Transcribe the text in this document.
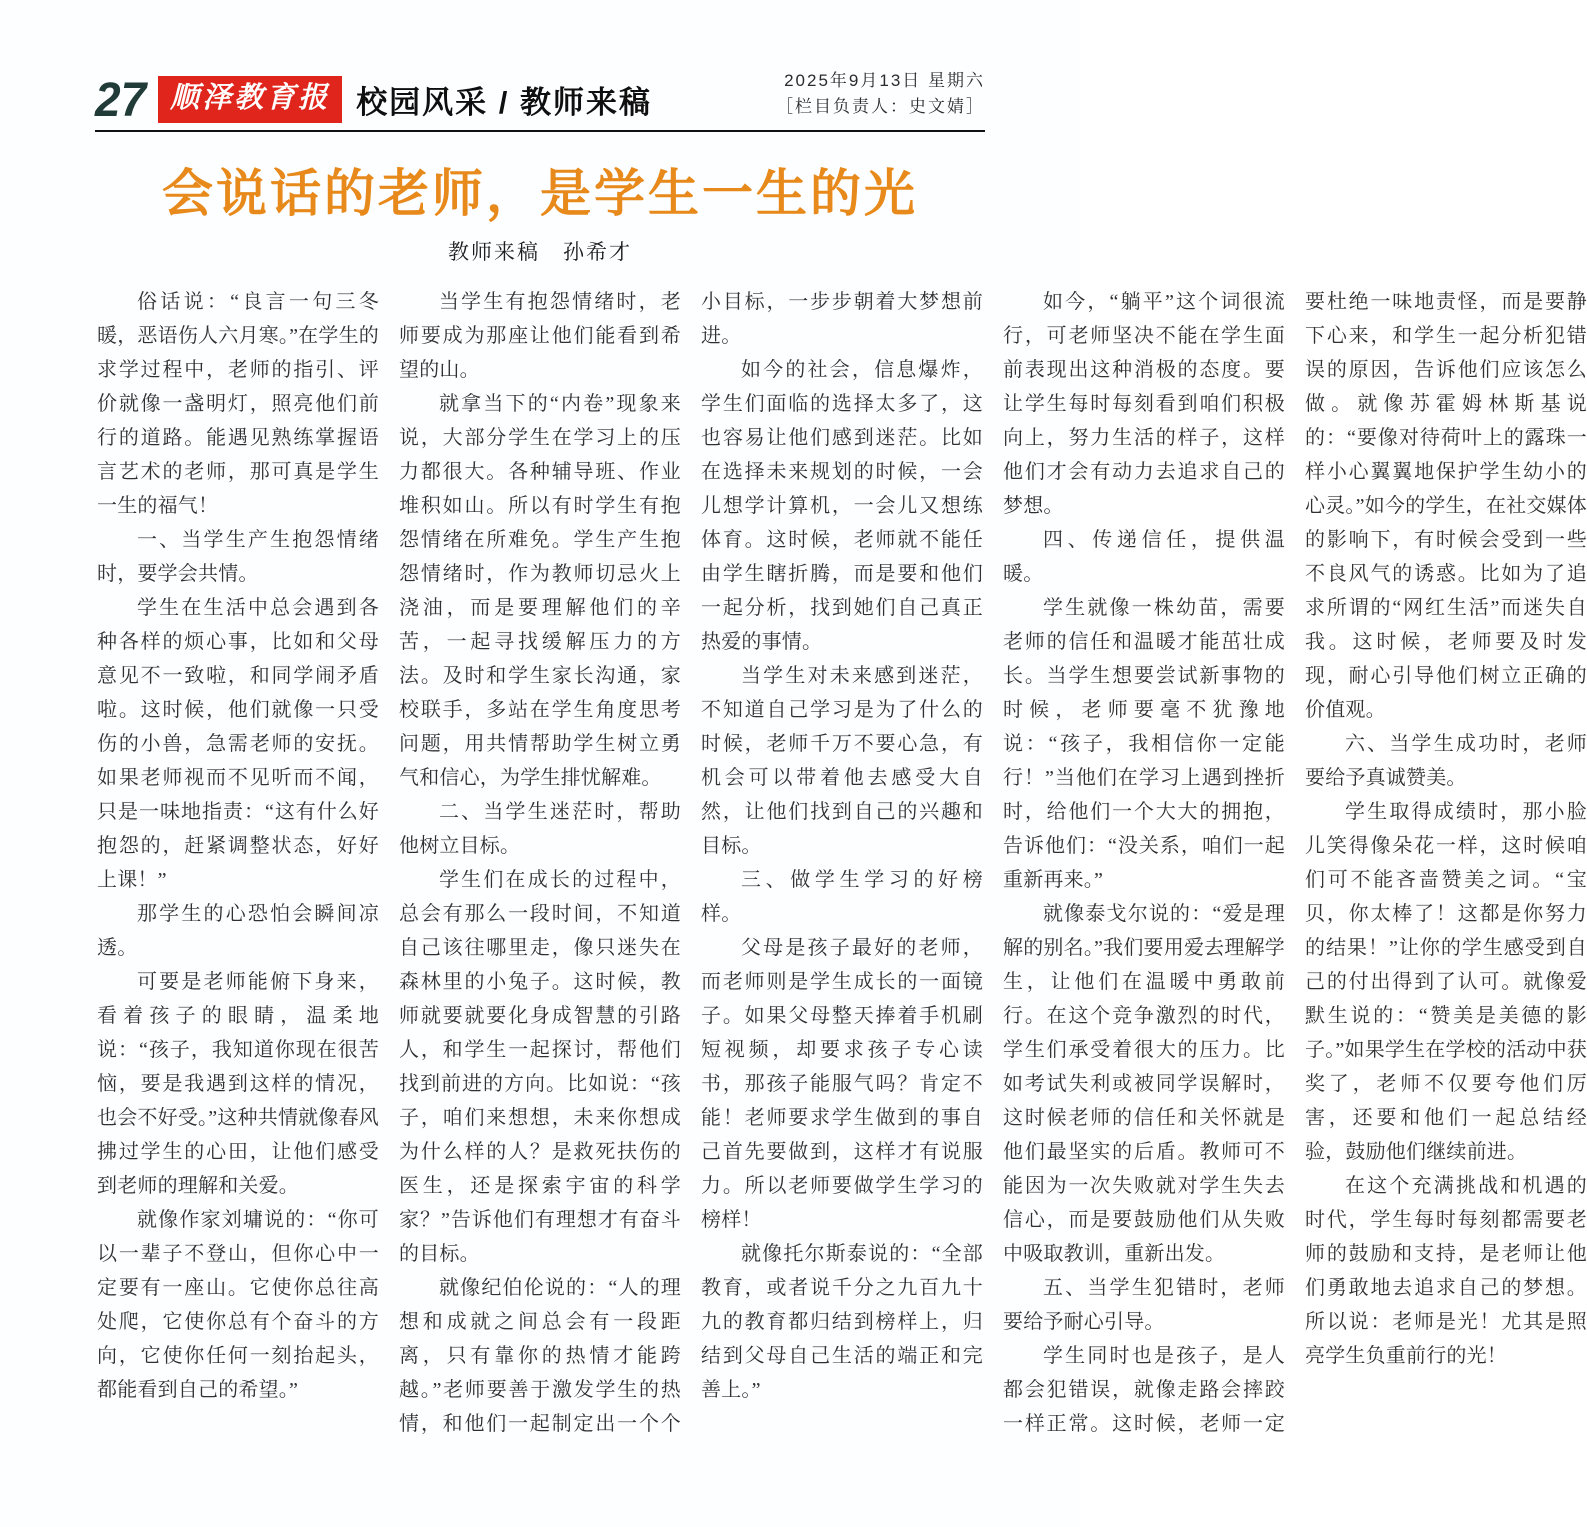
27 顺泽教育报 校园风采 / 教师来稿
2025年9月13日 星期六
［栏目负责人：史文婧］
会说话的老师，是学生一生的光
教师来稿　孙希才

俗话说：“良言一句三冬暖，恶语伤人六月寒。”在学生的求学过程中，老师的指引、评价就像一盏明灯，照亮他们前行的道路。能遇见熟练掌握语言艺术的老师，那可真是学生一生的福气！

一、当学生产生抱怨情绪时，要学会共情。

学生在生活中总会遇到各种各样的烦心事，比如和父母意见不一致啦，和同学闹矛盾啦。这时候，他们就像一只受伤的小兽，急需老师的安抚。如果老师视而不见听而不闻，只是一味地指责：“这有什么好抱怨的，赶紧调整状态，好好上课！”

那学生的心恐怕会瞬间凉透。

可要是老师能俯下身来，看着孩子的眼睛，温柔地说：“孩子，我知道你现在很苦恼，要是我遇到这样的情况，也会不好受。”这种共情就像春风拂过学生的心田，让他们感受到老师的理解和关爱。

就像作家刘墉说的：“你可以一辈子不登山，但你心中一定要有一座山。它使你总往高处爬，它使你总有个奋斗的方向，它使你任何一刻抬起头，都能看到自己的希望。”

当学生有抱怨情绪时，老师要成为那座让他们能看到希望的山。

就拿当下的“内卷”现象来说，大部分学生在学习上的压力都很大。各种辅导班、作业堆积如山。所以有时学生有抱怨情绪在所难免。学生产生抱怨情绪时，作为教师切忌火上浇油，而是要理解他们的辛苦，一起寻找缓解压力的方法。及时和学生家长沟通，家校联手，多站在学生角度思考问题，用共情帮助学生树立勇气和信心，为学生排忧解难。

二、当学生迷茫时，帮助他树立目标。

学生们在成长的过程中，总会有那么一段时间，不知道自己该往哪里走，像只迷失在森林里的小兔子。这时候，教师就要就要化身成智慧的引路人，和学生一起探讨，帮他们找到前进的方向。比如说：“孩子，咱们来想想，未来你想成为什么样的人？是救死扶伤的医生，还是探索宇宙的科学家？”告诉他们有理想才有奋斗的目标。

就像纪伯伦说的：“人的理想和成就之间总会有一段距离，只有靠你的热情才能跨越。”老师要善于激发学生的热情，和他们一起制定出一个个小目标，一步步朝着大梦想前进。

如今的社会，信息爆炸，学生们面临的选择太多了，这也容易让他们感到迷茫。比如在选择未来规划的时候，一会儿想学计算机，一会儿又想练体育。这时候，老师就不能任由学生瞎折腾，而是要和他们一起分析，找到她们自己真正热爱的事情。

当学生对未来感到迷茫，不知道自己学习是为了什么的时候，老师千万不要心急，有机会可以带着他去感受大自然，让他们找到自己的兴趣和目标。

三、做学生学习的好榜样。

父母是孩子最好的老师，而老师则是学生成长的一面镜子。如果父母整天捧着手机刷短视频，却要求孩子专心读书，那孩子能服气吗？肯定不能！老师要求学生做到的事自己首先要做到，这样才有说服力。所以老师要做学生学习的榜样！

就像托尔斯泰说的：“全部教育，或者说千分之九百九十九的教育都归结到榜样上，归结到父母自己生活的端正和完善上。”

如今，“躺平”这个词很流行，可老师坚决不能在学生面前表现出这种消极的态度。要让学生每时每刻看到咱们积极向上，努力生活的样子，这样他们才会有动力去追求自己的梦想。

四、传递信任，提供温暖。

学生就像一株幼苗，需要老师的信任和温暖才能茁壮成长。当学生想要尝试新事物的时候，老师要毫不犹豫地说：“孩子，我相信你一定能行！”当他们在学习上遇到挫折时，给他们一个大大的拥抱，告诉他们：“没关系，咱们一起重新再来。”

就像泰戈尔说的：“爱是理解的别名。”我们要用爱去理解学生，让他们在温暖中勇敢前行。在这个竞争激烈的时代，学生们承受着很大的压力。比如考试失利或被同学误解时，这时候老师的信任和关怀就是他们最坚实的后盾。教师可不能因为一次失败就对学生失去信心，而是要鼓励他们从失败中吸取教训，重新出发。

五、当学生犯错时，老师要给予耐心引导。

学生同时也是孩子，是人都会犯错误，就像走路会摔跤一样正常。这时候，老师一定要杜绝一味地责怪，而是要静下心来，和学生一起分析犯错误的原因，告诉他们应该怎么做。就像苏霍姆林斯基说的：“要像对待荷叶上的露珠一样小心翼翼地保护学生幼小的心灵。”如今的学生，在社交媒体的影响下，有时候会受到一些不良风气的诱惑。比如为了追求所谓的“网红生活”而迷失自我。这时候，老师要及时发现，耐心引导他们树立正确的价值观。

六、当学生成功时，老师要给予真诚赞美。

学生取得成绩时，那小脸儿笑得像朵花一样，这时候咱们可不能吝啬赞美之词。“宝贝，你太棒了！这都是你努力的结果！”让你的学生感受到自己的付出得到了认可。就像爱默生说的：“赞美是美德的影子。”如果学生在学校的活动中获奖了，老师不仅要夸他们厉害，还要和他们一起总结经验，鼓励他们继续前进。

在这个充满挑战和机遇的时代，学生每时每刻都需要老师的鼓励和支持，是老师让他们勇敢地去追求自己的梦想。所以说：老师是光！尤其是照亮学生负重前行的光！
